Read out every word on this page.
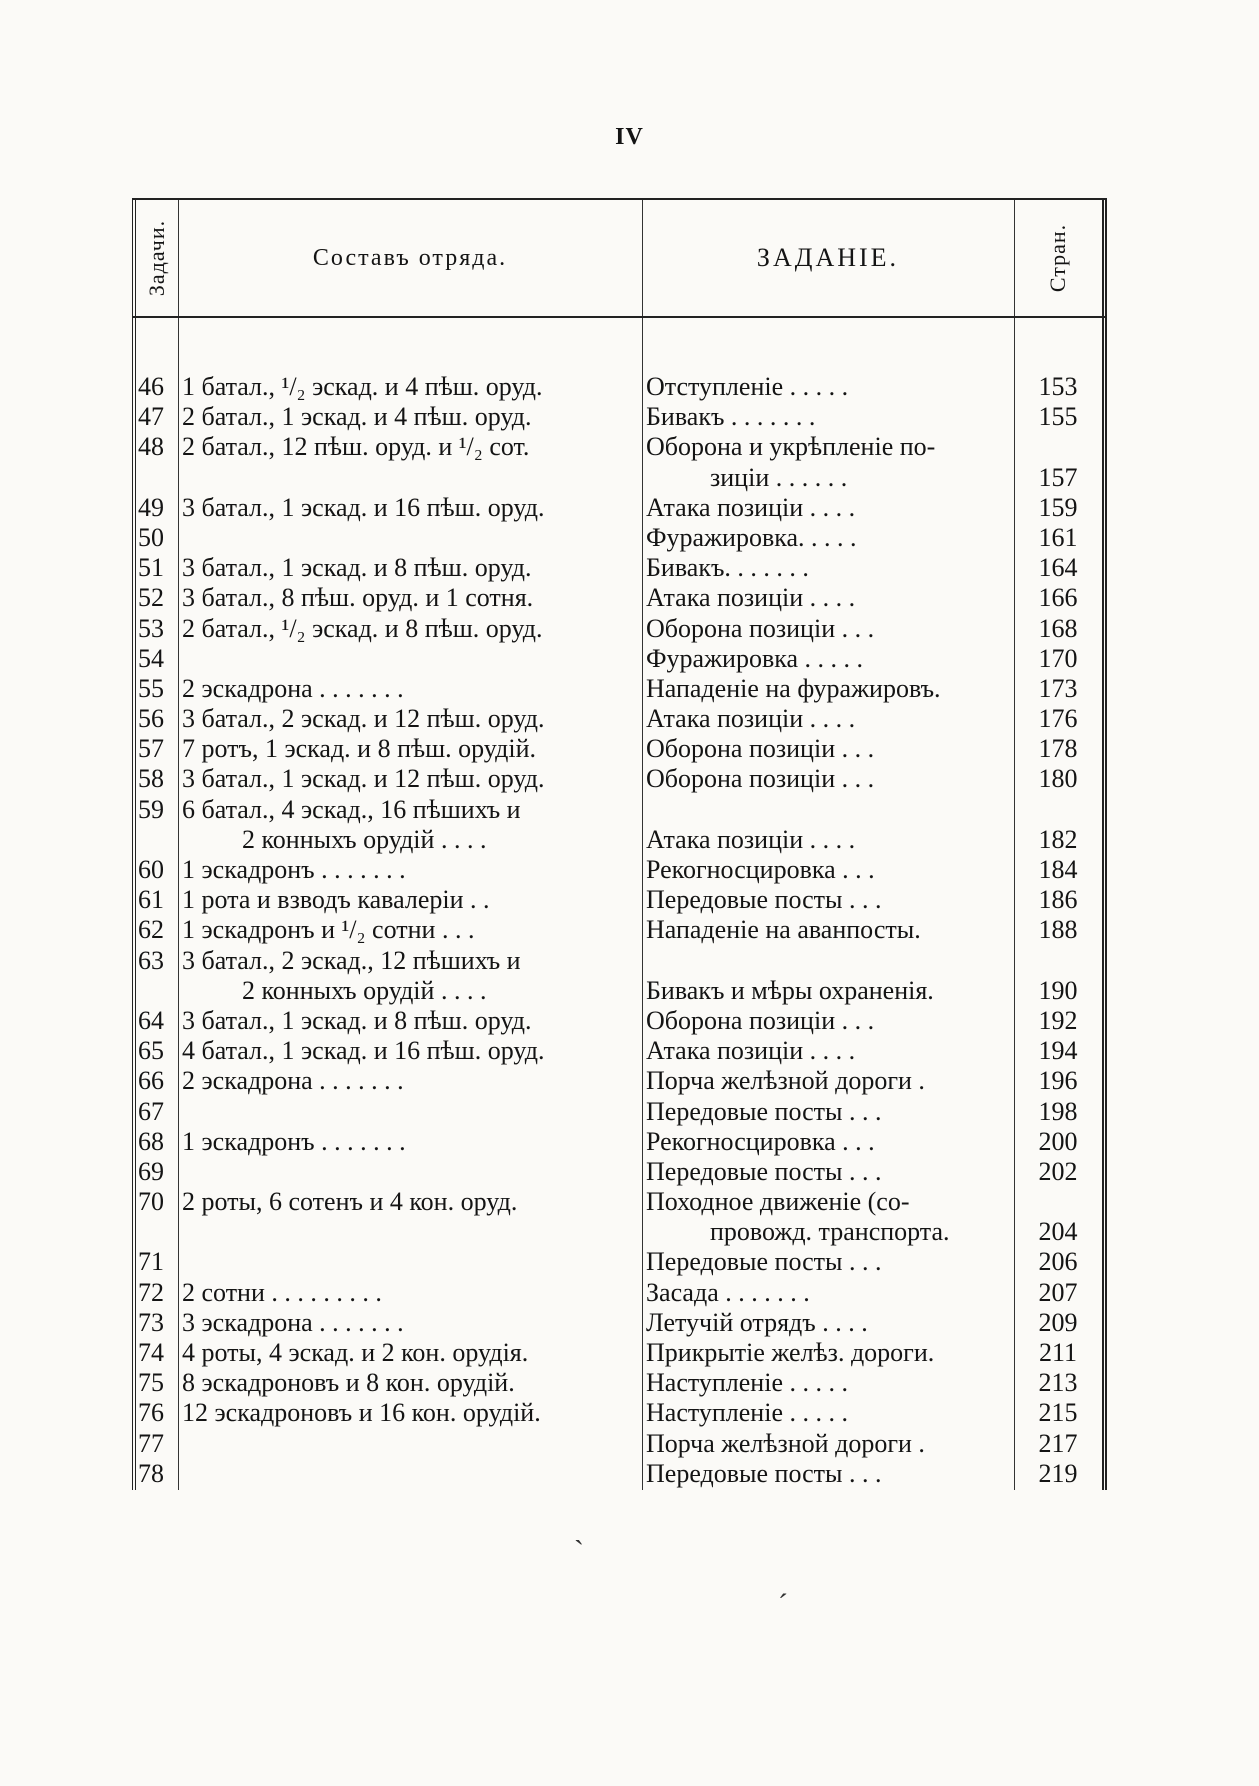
IV
Задачи.	Составъ отряда.	ЗАДАНIЕ.	Стран.
46 1 батал., ¹/₂ эскад. и 4 пѣш. оруд.	Отступленiе . . . . .	153
47 2 батал., 1 эскад. и 4 пѣш. оруд.	Бивакъ . . . . . . .	155
48 2 батал., 12 пѣш. оруд. и ¹/₂ сот.	Оборона и укрѣпленiе по-
зицiи . . . . . .	157
49 3 батал., 1 эскад. и 16 пѣш. оруд.	Атака позицiи . . . .	159
50	Фуражировка. . . . .	161
51 3 батал., 1 эскад. и 8 пѣш. оруд.	Бивакъ. . . . . . .	164
52 3 батал., 8 пѣш. оруд. и 1 сотня.	Атака позицiи . . . .	166
53 2 батал., ¹/₂ эскад. и 8 пѣш. оруд.	Оборона позицiи . . .	168
54	Фуражировка . . . . .	170
55 2 эскадрона . . . . . . .	Нападенiе на фуражировъ.	173
56 3 батал., 2 эскад. и 12 пѣш. оруд.	Атака позицiи . . . .	176
57 7 ротъ, 1 эскад. и 8 пѣш. орудiй.	Оборона позицiи . . .	178
58 3 батал., 1 эскад. и 12 пѣш. оруд.	Оборона позицiи . . .	180
59 6 батал., 4 эскад., 16 пѣшихъ и
2 конныхъ орудiй . . . .	Атака позицiи . . . .	182
60 1 эскадронъ . . . . . . .	Рекогносцировка . . .	184
61 1 рота и взводъ кавалерiи . .	Передовые посты . . .	186
62 1 эскадронъ и ¹/₂ сотни . . .	Нападенiе на аванпосты.	188
63 3 батал., 2 эскад., 12 пѣшихъ и
2 конныхъ орудiй . . . .	Бивакъ и мѣры охраненiя.	190
64 3 батал., 1 эскад. и 8 пѣш. оруд.	Оборона позицiи . . .	192
65 4 батал., 1 эскад. и 16 пѣш. оруд.	Атака позицiи . . . .	194
66 2 эскадрона . . . . . . .	Порча желѣзной дороги .	196
67	Передовые посты . . .	198
68 1 эскадронъ . . . . . . .	Рекогносцировка . . .	200
69	Передовые посты . . .	202
70 2 роты, 6 сотенъ и 4 кон. оруд.	Походное движенiе (со-
провожд. транспорта.	204
71	Передовые посты . . .	206
72 2 сотни . . . . . . . . .	Засада . . . . . . .	207
73 3 эскадрона . . . . . . .	Летучiй отрядъ . . . .	209
74 4 роты, 4 эскад. и 2 кон. орудiя.	Прикрытiе желѣз. дороги.	211
75 8 эскадроновъ и 8 кон. орудiй.	Наступленiе . . . . .	213
76 12 эскадроновъ и 16 кон. орудiй.	Наступленiе . . . . .	215
77	Порча желѣзной дороги .	217
78	Передовые посты . . .	219
ˏ
ˊ
